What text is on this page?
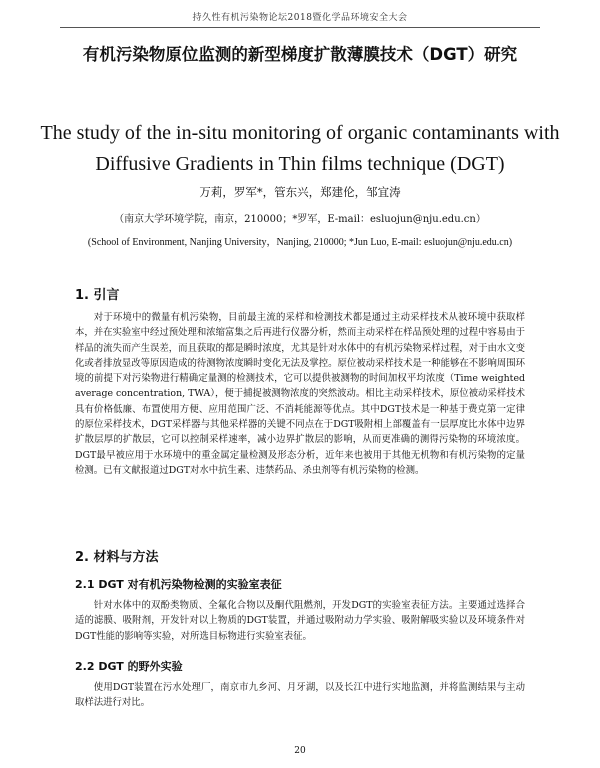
持久性有机污染物论坛2018暨化学品环境安全大会
有机污染物原位监测的新型梯度扩散薄膜技术（DGT）研究
The study of the in-situ monitoring of organic contaminants with Diffusive Gradients in Thin films technique (DGT)
万莉，罗军*，管东兴，郑建伦，邹宜涛
（南京大学环境学院，南京，210000；*罗军，E-mail：esluojun@nju.edu.cn）
(School of Environment, Nanjing University，Nanjing, 210000; *Jun Luo, E-mail: esluojun@nju.edu.cn)
1. 引言

对于环境中的微量有机污染物，目前最主流的采样和检测技术都是通过主动采样技术从被环境中获取样本，并在实验室中经过预处理和浓缩富集之后再进行仪器分析，然而主动采样在样品预处理的过程中容易由于样品的流失而产生误差，而且获取的都是瞬时浓度，尤其是针对水体中的有机污染物采样过程，对于由水文变化或者排放显改等原因造成的待测物浓度瞬时变化无法及掌控。原位被动采样技术是一种能够在不影响周围环境的前提下对污染物进行精确定量测的检测技术，它可以提供被测物的时间加权平均浓度（Time weighted average concentration, TWA），便于捕捉被测物浓度的突然波动。相比主动采样技术，原位被动采样技术具有价格低廉、布置使用方便、应用范围广泛、不消耗能源等优点。其中DGT技术是一种基于费克第一定律的原位采样技术，DGT采样器与其他采样器的关键不同点在于DGT吸附相上部覆盖有一层厚度比水体中边界扩散层厚的扩散层，它可以控制采样速率，减小边界扩散层的影响，从而更准确的测得污染物的环境浓度。DGT最早被应用于水环境中的重金属定量检测及形态分析，近年来也被用于其他无机物和有机污染物的定量检测。已有文献报道过DGT对水中抗生素、违禁药品、杀虫剂等有机污染物的检测。

2. 材料与方法
2.1 DGT 对有机污染物检测的实验室表征

针对水体中的双酚类物质、全氟化合物以及酮代阻燃剂，开发DGT的实验室表征方法。主要通过选择合适的滤膜、吸附剂，开发针对以上物质的DGT装置，并通过吸附动力学实验、吸附解吸实验以及环境条件对DGT性能的影响等实验，对所选目标物进行实验室表征。

2.2 DGT 的野外实验

使用DGT装置在污水处理厂，南京市九乡河、月牙湖，以及长江中进行实地监测，并将监测结果与主动取样法进行对比。

20
